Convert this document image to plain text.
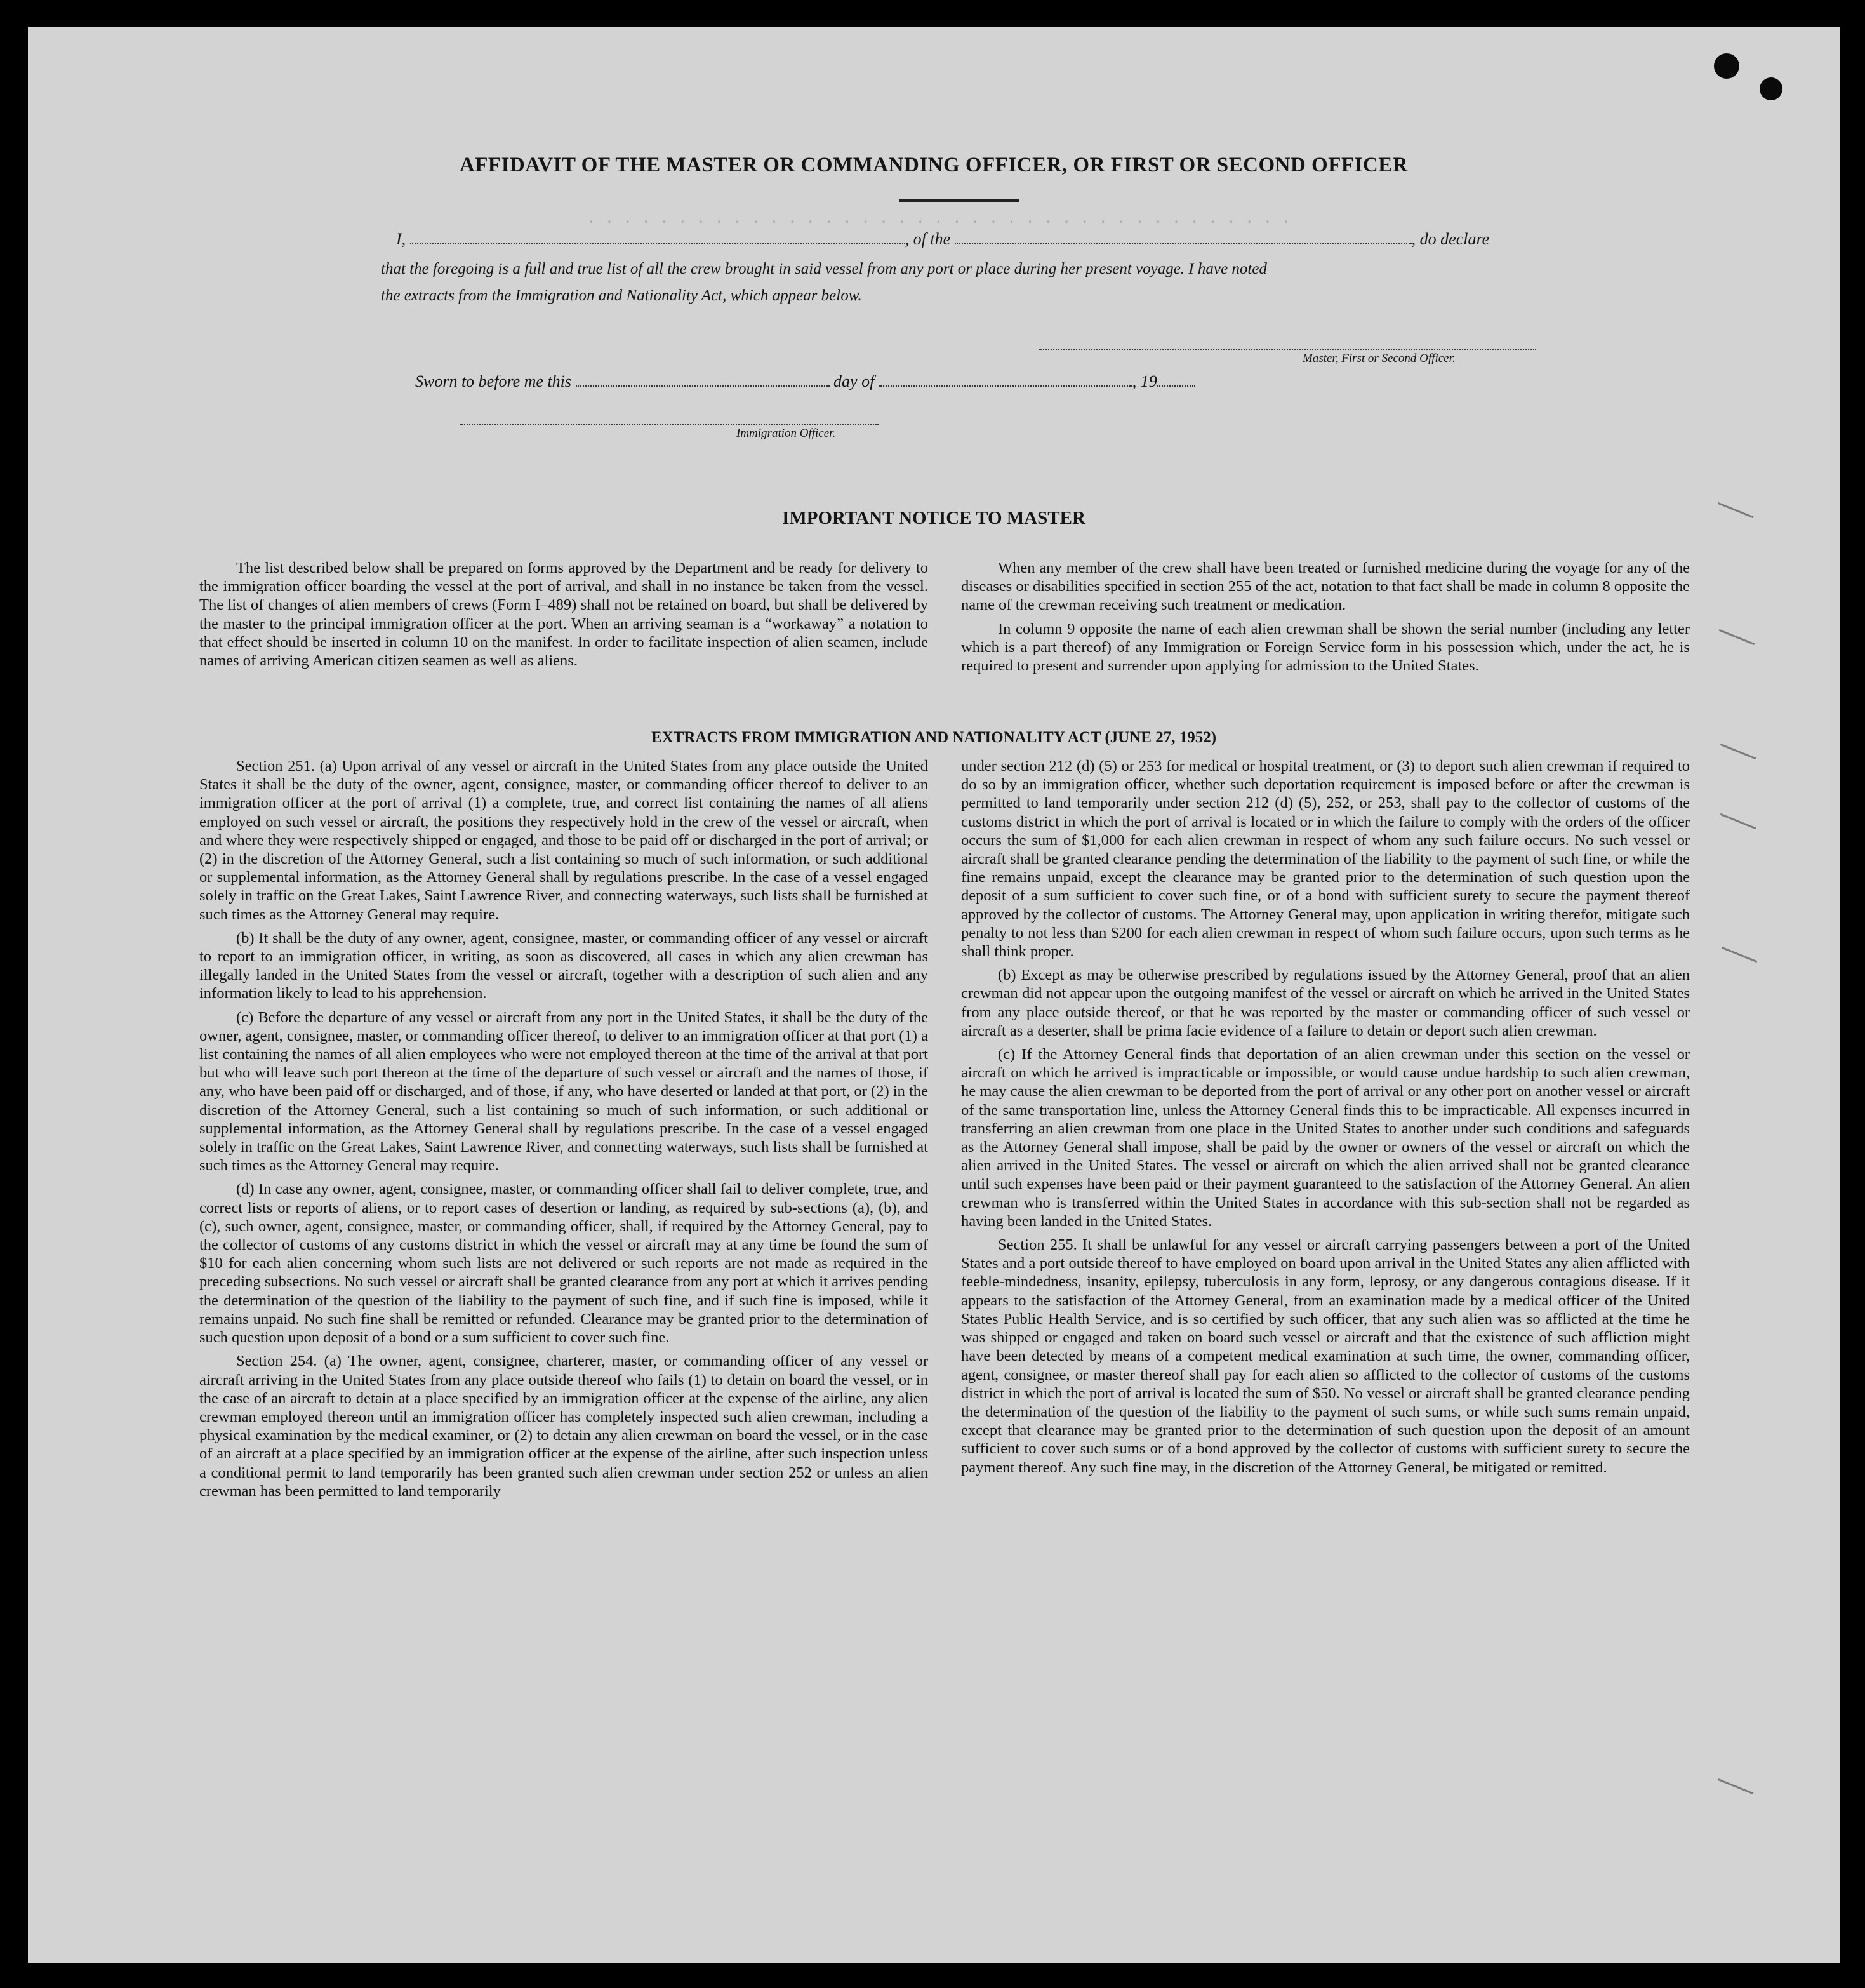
. . . . . . . . . . . . . . . . . . . . . . . . . . . . . . . . . . . . . . .

AFFIDAVIT OF THE MASTER OR COMMANDING OFFICER, OR FIRST OR SECOND OFFICER
I,	, of the	, do declare
that the foregoing is a full and true list of all the crew brought in said vessel from any port or place during her present voyage. I have noted
the extracts from the Immigration and Nationality Act, which appear below.
Master, First or Second Officer.
Sworn to before me this	day of	, 19
Immigration Officer.
IMPORTANT NOTICE TO MASTER

The list described below shall be prepared on forms approved by the Department and be ready for delivery to the immigration officer boarding the vessel at the port of arrival, and shall in no instance be taken from the vessel. The list of changes of alien members of crews (Form I–489) shall not be retained on board, but shall be delivered by the master to the principal immigration officer at the port. When an arriving seaman is a “workaway” a notation to that effect should be inserted in column 10 on the manifest. In order to facilitate inspection of alien seamen, include names of arriving American citizen seamen as well as aliens.

When any member of the crew shall have been treated or furnished medicine during the voyage for any of the diseases or disabilities specified in section 255 of the act, notation to that fact shall be made in column 8 opposite the name of the crewman receiving such treatment or medication.

In column 9 opposite the name of each alien crewman shall be shown the serial number (including any letter which is a part thereof) of any Immigration or Foreign Service form in his possession which, under the act, he is required to present and surrender upon applying for admission to the United States.

EXTRACTS FROM IMMIGRATION AND NATIONALITY ACT (JUNE 27, 1952)

Section 251. (a) Upon arrival of any vessel or aircraft in the United States from any place outside the United States it shall be the duty of the owner, agent, consignee, master, or commanding officer thereof to deliver to an immigration officer at the port of arrival (1) a complete, true, and correct list containing the names of all aliens employed on such vessel or aircraft, the positions they respectively hold in the crew of the vessel or aircraft, when and where they were respectively shipped or engaged, and those to be paid off or discharged in the port of arrival; or (2) in the discretion of the Attorney General, such a list containing so much of such information, or such additional or supplemental information, as the Attorney General shall by regulations prescribe. In the case of a vessel engaged solely in traffic on the Great Lakes, Saint Lawrence River, and connecting waterways, such lists shall be furnished at such times as the Attorney General may require.

(b) It shall be the duty of any owner, agent, consignee, master, or commanding officer of any vessel or aircraft to report to an immigration officer, in writing, as soon as discovered, all cases in which any alien crewman has illegally landed in the United States from the vessel or aircraft, together with a description of such alien and any information likely to lead to his apprehension.

(c) Before the departure of any vessel or aircraft from any port in the United States, it shall be the duty of the owner, agent, consignee, master, or commanding officer thereof, to deliver to an immigration officer at that port (1) a list containing the names of all alien employees who were not employed thereon at the time of the arrival at that port but who will leave such port thereon at the time of the departure of such vessel or aircraft and the names of those, if any, who have been paid off or discharged, and of those, if any, who have deserted or landed at that port, or (2) in the discretion of the Attorney General, such a list containing so much of such information, or such additional or supplemental information, as the Attorney General shall by regulations prescribe. In the case of a vessel engaged solely in traffic on the Great Lakes, Saint Lawrence River, and connecting waterways, such lists shall be furnished at such times as the Attorney General may require.

(d) In case any owner, agent, consignee, master, or commanding officer shall fail to deliver complete, true, and correct lists or reports of aliens, or to report cases of desertion or landing, as required by sub-sections (a), (b), and (c), such owner, agent, consignee, master, or commanding officer, shall, if required by the Attorney General, pay to the collector of customs of any customs district in which the vessel or aircraft may at any time be found the sum of $10 for each alien concerning whom such lists are not delivered or such reports are not made as required in the preceding subsections. No such vessel or aircraft shall be granted clearance from any port at which it arrives pending the determination of the question of the liability to the payment of such fine, and if such fine is imposed, while it remains unpaid. No such fine shall be remitted or refunded. Clearance may be granted prior to the determination of such question upon deposit of a bond or a sum sufficient to cover such fine.

Section 254. (a) The owner, agent, consignee, charterer, master, or commanding officer of any vessel or aircraft arriving in the United States from any place outside thereof who fails (1) to detain on board the vessel, or in the case of an aircraft to detain at a place specified by an immigration officer at the expense of the airline, any alien crewman employed thereon until an immigration officer has completely inspected such alien crewman, including a physical examination by the medical examiner, or (2) to detain any alien crewman on board the vessel, or in the case of an aircraft at a place specified by an immigration officer at the expense of the airline, after such inspection unless a conditional permit to land temporarily has been granted such alien crewman under section 252 or unless an alien crewman has been permitted to land temporarily

under section 212 (d) (5) or 253 for medical or hospital treatment, or (3) to deport such alien crewman if required to do so by an immigration officer, whether such deportation requirement is imposed before or after the crewman is permitted to land temporarily under section 212 (d) (5), 252, or 253, shall pay to the collector of customs of the customs district in which the port of arrival is located or in which the failure to comply with the orders of the officer occurs the sum of $1,000 for each alien crewman in respect of whom any such failure occurs. No such vessel or aircraft shall be granted clearance pending the determination of the liability to the payment of such fine, or while the fine remains unpaid, except the clearance may be granted prior to the determination of such question upon the deposit of a sum sufficient to cover such fine, or of a bond with sufficient surety to secure the payment thereof approved by the collector of customs. The Attorney General may, upon application in writing therefor, mitigate such penalty to not less than $200 for each alien crewman in respect of whom such failure occurs, upon such terms as he shall think proper.

(b) Except as may be otherwise prescribed by regulations issued by the Attorney General, proof that an alien crewman did not appear upon the outgoing manifest of the vessel or aircraft on which he arrived in the United States from any place outside thereof, or that he was reported by the master or commanding officer of such vessel or aircraft as a deserter, shall be prima facie evidence of a failure to detain or deport such alien crewman.

(c) If the Attorney General finds that deportation of an alien crewman under this section on the vessel or aircraft on which he arrived is impracticable or impossible, or would cause undue hardship to such alien crewman, he may cause the alien crewman to be deported from the port of arrival or any other port on another vessel or aircraft of the same transportation line, unless the Attorney General finds this to be impracticable. All expenses incurred in transferring an alien crewman from one place in the United States to another under such conditions and safeguards as the Attorney General shall impose, shall be paid by the owner or owners of the vessel or aircraft on which the alien arrived in the United States. The vessel or aircraft on which the alien arrived shall not be granted clearance until such expenses have been paid or their payment guaranteed to the satisfaction of the Attorney General. An alien crewman who is transferred within the United States in accordance with this sub-section shall not be regarded as having been landed in the United States.

Section 255. It shall be unlawful for any vessel or aircraft carrying passengers between a port of the United States and a port outside thereof to have employed on board upon arrival in the United States any alien afflicted with feeble-mindedness, insanity, epilepsy, tuberculosis in any form, leprosy, or any dangerous contagious disease. If it appears to the satisfaction of the Attorney General, from an examination made by a medical officer of the United States Public Health Service, and is so certified by such officer, that any such alien was so afflicted at the time he was shipped or engaged and taken on board such vessel or aircraft and that the existence of such affliction might have been detected by means of a competent medical examination at such time, the owner, commanding officer, agent, consignee, or master thereof shall pay for each alien so afflicted to the collector of customs of the customs district in which the port of arrival is located the sum of $50. No vessel or aircraft shall be granted clearance pending the determination of the question of the liability to the payment of such sums, or while such sums remain unpaid, except that clearance may be granted prior to the determination of such question upon the deposit of an amount sufficient to cover such sums or of a bond approved by the collector of customs with sufficient surety to secure the payment thereof. Any such fine may, in the discretion of the Attorney General, be mitigated or remitted.
